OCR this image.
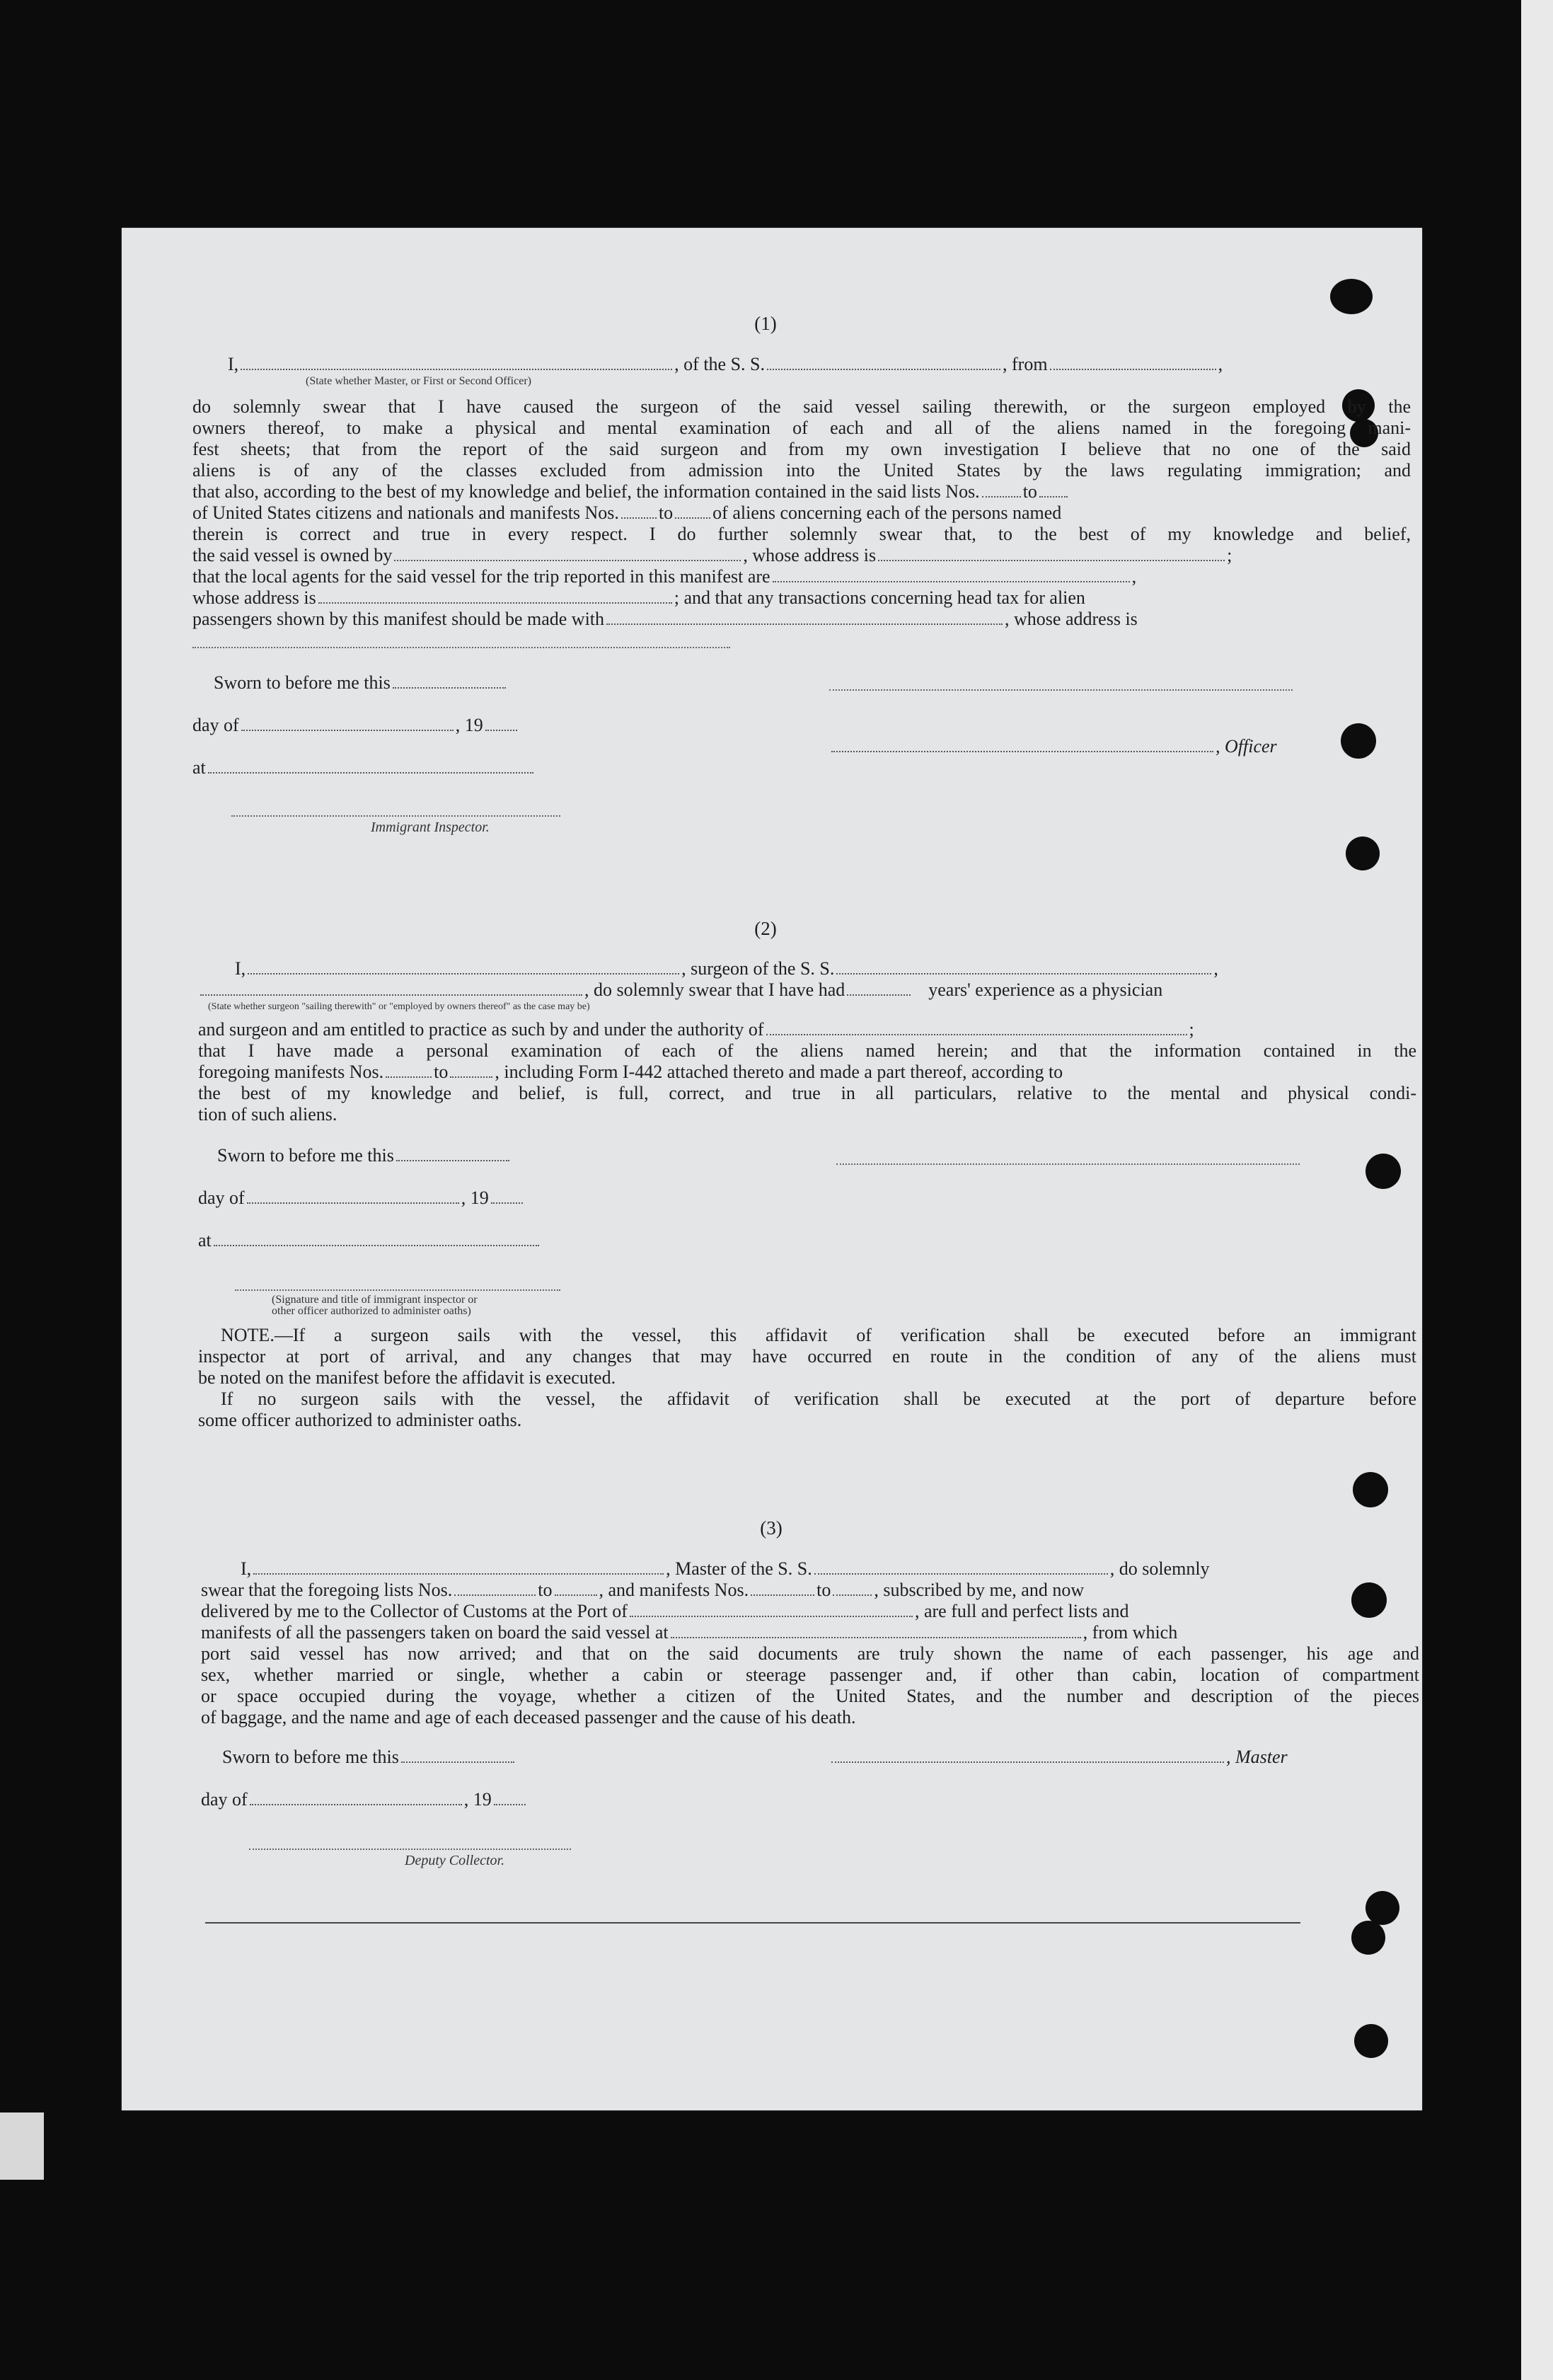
(1)
I,	, of the S. S.	, from	,
(State whether Master, or First or Second Officer)
do solemnly swear that I have caused the surgeon of the said vessel sailing therewith, or the surgeon employed by the
owners thereof, to make a physical and mental examination of each and all of the aliens named in the foregoing mani-
fest sheets; that from the report of the said surgeon and from my own investigation I believe that no one of the said
aliens is of any of the classes excluded from admission into the United States by the laws regulating immigration; and
that also, according to the best of my knowledge and belief, the information contained in the said lists Nos. to
of United States citizens and nationals and manifests Nos. to of aliens concerning each of the persons named
therein is correct and true in every respect. I do further solemnly swear that, to the best of my knowledge and belief,
the said vessel is owned by	, whose address is	;
that the local agents for the said vessel for the trip reported in this manifest are	,
whose address is	; and that any transactions concerning head tax for alien
passengers shown by this manifest should be made with	, whose address is
Sworn to before me this
day of	, 19
, Officer
at
Immigrant Inspector.
(2)
I,	, surgeon of the S. S.	,
, do solemnly swear that I have had	years' experience as a physician
(State whether surgeon "sailing therewith" or "employed by owners thereof" as the case may be)
and surgeon and am entitled to practice as such by and under the authority of	;
that I have made a personal examination of each of the aliens named herein; and that the information contained in the
foregoing manifests Nos.	to	, including Form I-442 attached thereto and made a part thereof, according to
the best of my knowledge and belief, is full, correct, and true in all particulars, relative to the mental and physical condi-
tion of such aliens.
Sworn to before me this
day of	, 19
at
(Signature and title of immigrant inspector or
other officer authorized to administer oaths)
NOTE.—If a surgeon sails with the vessel, this affidavit of verification shall be executed before an immigrant
inspector at port of arrival, and any changes that may have occurred en route in the condition of any of the aliens must
be noted on the manifest before the affidavit is executed.
If no surgeon sails with the vessel, the affidavit of verification shall be executed at the port of departure before
some officer authorized to administer oaths.
(3)
I,	, Master of the S. S.	, do solemnly
swear that the foregoing lists Nos.	to	, and manifests Nos.	to , subscribed by me, and now
delivered by me to the Collector of Customs at the Port of	, are full and perfect lists and
manifests of all the passengers taken on board the said vessel at	, from which
port said vessel has now arrived; and that on the said documents are truly shown the name of each passenger, his age and
sex, whether married or single, whether a cabin or steerage passenger and, if other than cabin, location of compartment
or space occupied during the voyage, whether a citizen of the United States, and the number and description of the pieces
of baggage, and the name and age of each deceased passenger and the cause of his death.
Sworn to before me this	, Master
day of	, 19
Deputy Collector.
